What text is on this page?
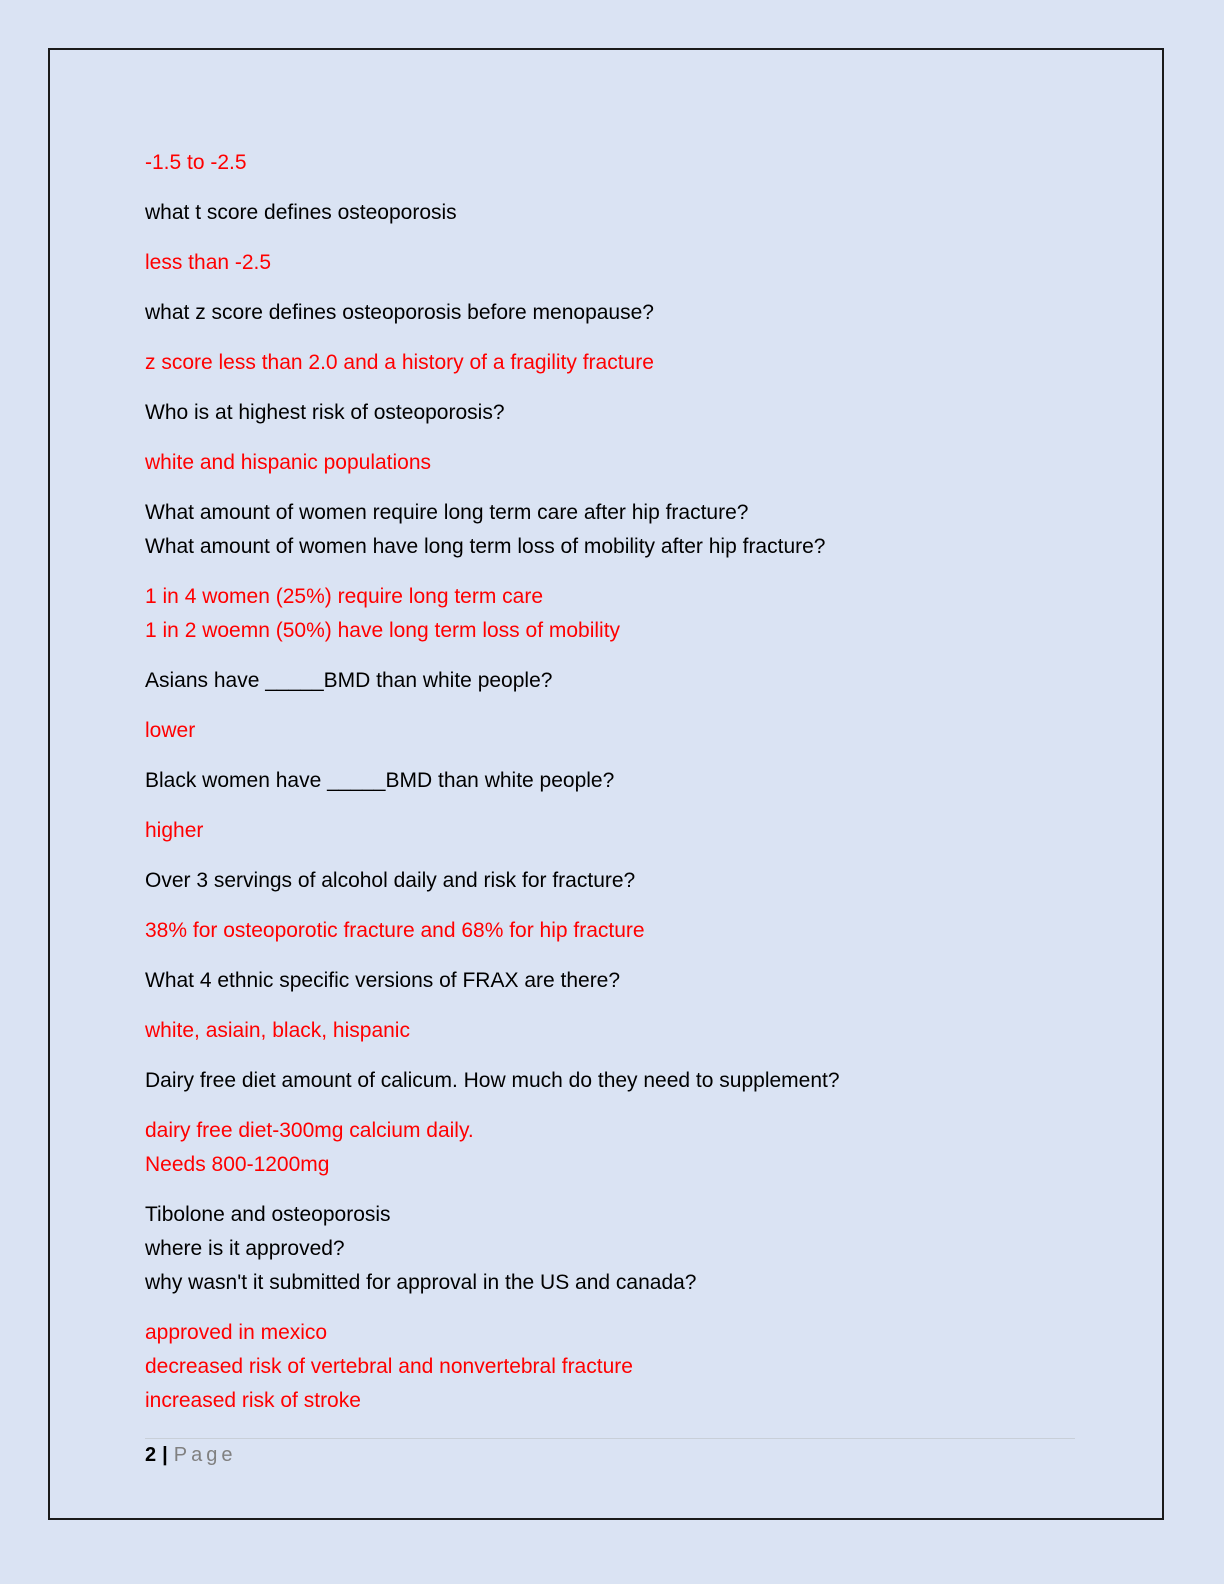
-1.5 to -2.5
what t score defines osteoporosis
less than -2.5
what z score defines osteoporosis before menopause?
z score less than 2.0 and a history of a fragility fracture
Who is at highest risk of osteoporosis?
white and hispanic populations
What amount of women require long term care after hip fracture?
What amount of women have long term loss of mobility after hip fracture?
1 in 4 women (25%) require long term care
1 in 2 woemn (50%) have long term loss of mobility
Asians have _____BMD than white people?
lower
Black women have _____BMD than white people?
higher
Over 3 servings of alcohol daily and risk for fracture?
38% for osteoporotic fracture and 68% for hip fracture
What 4 ethnic specific versions of FRAX are there?
white, asiain, black, hispanic
Dairy free diet amount of calicum. How much do they need to supplement?
dairy free diet-300mg calcium daily.
Needs 800-1200mg
Tibolone and osteoporosis
where is it approved?
why wasn't it submitted for approval in the US and canada?
approved in mexico
decreased risk of vertebral and nonvertebral fracture
increased risk of stroke
2 | Page
